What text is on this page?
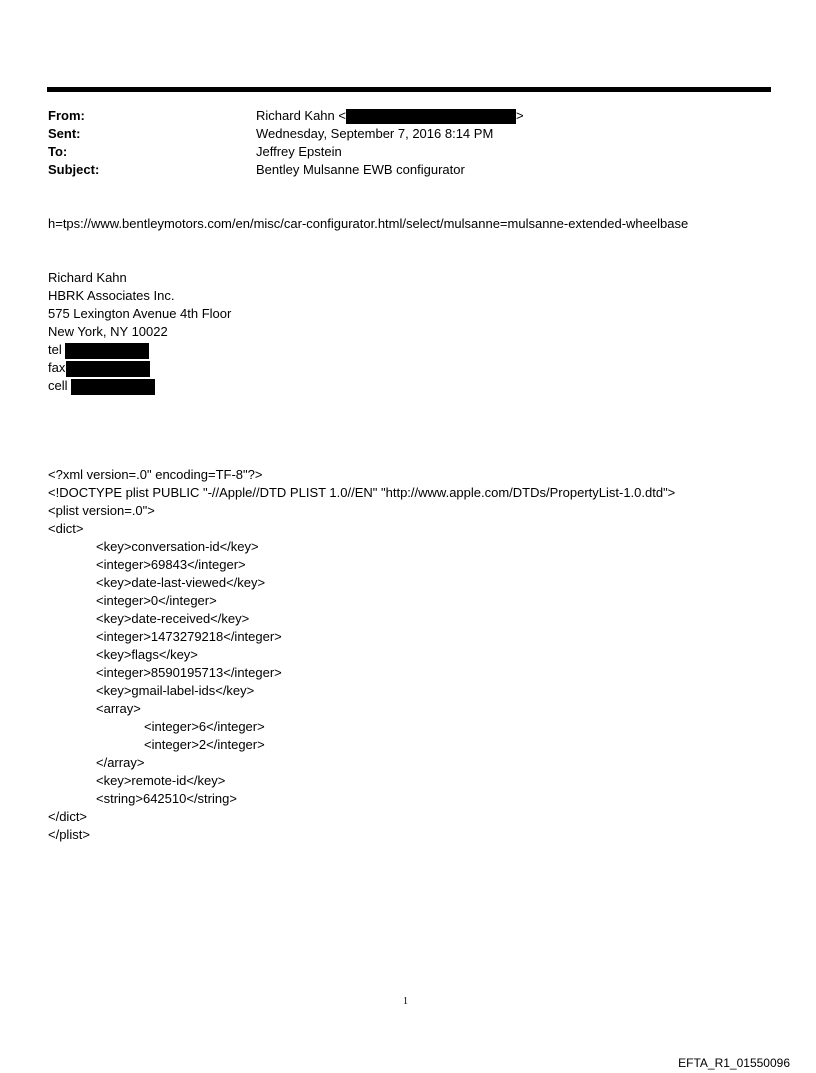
From:	Richard Kahn <	>
Sent:	Wednesday, September 7, 2016 8:14 PM
To:	Jeffrey Epstein
Subject:	Bentley Mulsanne EWB configurator
h=tps://www.bentleymotors.com/en/misc/car-configurator.html/select/mulsanne=mulsanne-extended-wheelbase
Richard Kahn
HBRK Associates Inc.
575 Lexington Avenue 4th Floor
New York, NY 10022
tel
fax
cell
<?xml version=.0" encoding=TF-8"?>
<!DOCTYPE plist PUBLIC "-//Apple//DTD PLIST 1.0//EN" "http://www.apple.com/DTDs/PropertyList-1.0.dtd">
<plist version=.0">
<dict>
<key>conversation-id</key>
<integer>69843</integer>
<key>date-last-viewed</key>
<integer>0</integer>
<key>date-received</key>
<integer>1473279218</integer>
<key>flags</key>
<integer>8590195713</integer>
<key>gmail-label-ids</key>
<array>
<integer>6</integer>
<integer>2</integer>
</array>
<key>remote-id</key>
<string>642510</string>
</dict>
</plist>
1
EFTA_R1_01550096
